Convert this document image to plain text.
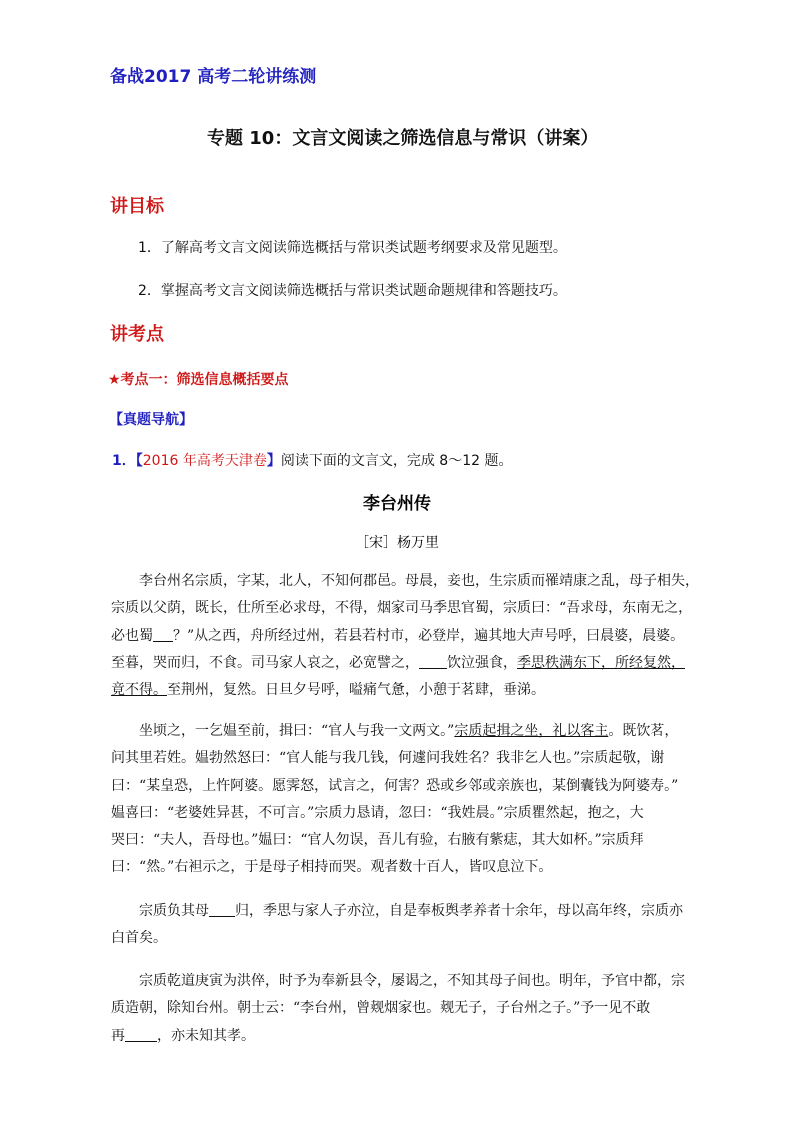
备战2017 高考二轮讲练测
专题 10：文言文阅读之筛选信息与常识（讲案）
讲目标
1．了解高考文言文阅读筛选概括与常识类试题考纲要求及常见题型。
2．掌握高考文言文阅读筛选概括与常识类试题命题规律和答题技巧。
讲考点
★考点一：筛选信息概括要点
【真题导航】
1．【2016 年高考天津卷】阅读下面的文言文，完成 8～12 题。
李台州传
［宋］杨万里
李台州名宗质，字某，北人，不知何郡邑。母晨，妾也，生宗质而罹靖康之乱，母子相失，
宗质以父荫，既长，仕所至必求母，不得，烟家司马季思官蜀，宗质曰：“吾求母，东南无之，
必也蜀 ？”从之西，舟所经过州，若县若村市，必登岸，遍其地大声号呼，曰晨婆，晨婆。
至暮，哭而归，不食。司马家人哀之，必宽譬之， 饮泣强食，季思秩满东下，所经复然，
竟不得。至荆州，复然。日旦夕号呼，嗌痛气惫，小憩于茗肆，垂涕。
坐顷之，一乞媪至前，揖曰：“官人与我一文两文。”宗质起揖之坐，礼以客主。既饮茗，
问其里若姓。媪勃然怒曰：“官人能与我几钱，何遽问我姓名？我非乞人也。”宗质起敬，谢
曰：“某皇恐，上忤阿婆。愿霁怒，试言之，何害？恐或乡邻或亲族也，某倒囊钱为阿婆寿。”
媪喜曰：“老婆姓异甚，不可言。”宗质力恳请，忽曰：“我姓晨。”宗质瞿然起，抱之，大
哭曰：“夫人，吾母也。”媪曰：“官人勿误，吾儿有验，右腋有紫痣，其大如杯。”宗质拜
曰：“然。”右袒示之，于是母子相持而哭。观者数十百人，皆叹息泣下。
宗质负其母 归，季思与家人子亦泣，自是奉板舆孝养者十余年，母以高年终，宗质亦
白首矣。
宗质乾道庚寅为洪倅，时予为奉新县令，屡谒之，不知其母子间也。明年，予官中都，宗
质造朝，除知台州。朝士云：“李台州，曾觌烟家也。觌无子，子台州之子。”予一见不敢
再 ，亦未知其孝。
